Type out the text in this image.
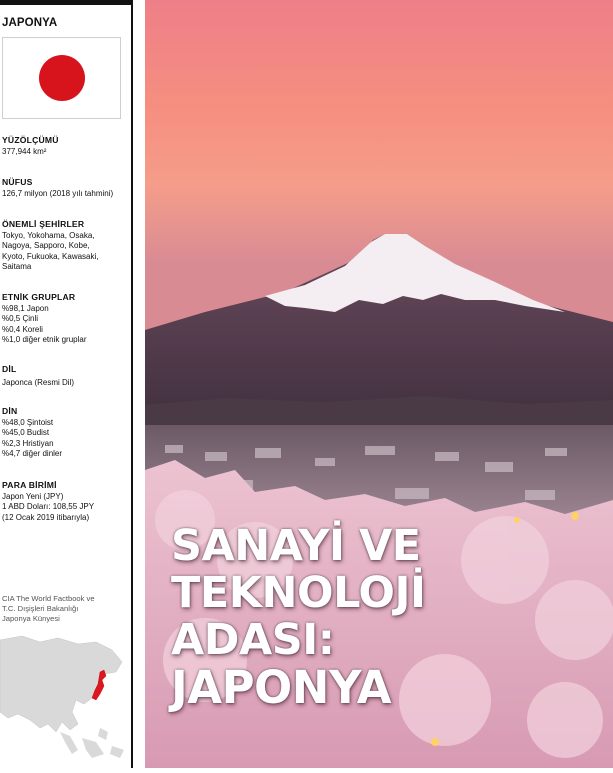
JAPONYA
YÜZÖLÇÜMÜ

377,944 km²

NÜFUS

126,7 milyon (2018 yılı tahmini)

ÖNEMLİ ŞEHİRLER
Tokyo, Yokohama, Osaka,
Nagoya, Sapporo, Kobe,
Kyoto, Fukuoka, Kawasaki,
Saitama
ETNİK GRUPLAR
%98,1 Japon
%0,5 Çinli
%0,4 Koreli
%1,0 diğer etnik gruplar
DİL

Japonca (Resmi Dil)

DİN
%48,0 Şintoist
%45,0 Budist
%2,3 Hristiyan
%4,7 diğer dinler
PARA BİRİMİ
Japon Yeni (JPY)
1 ABD Doları: 108,55 JPY
(12 Ocak 2019 itibarıyla)
CIA The World Factbook ve
T.C. Dışişleri Bakanlığı
Japonya Künyesi
SANAYİ VE
TEKNOLOJİ
ADASI:
JAPONYA
